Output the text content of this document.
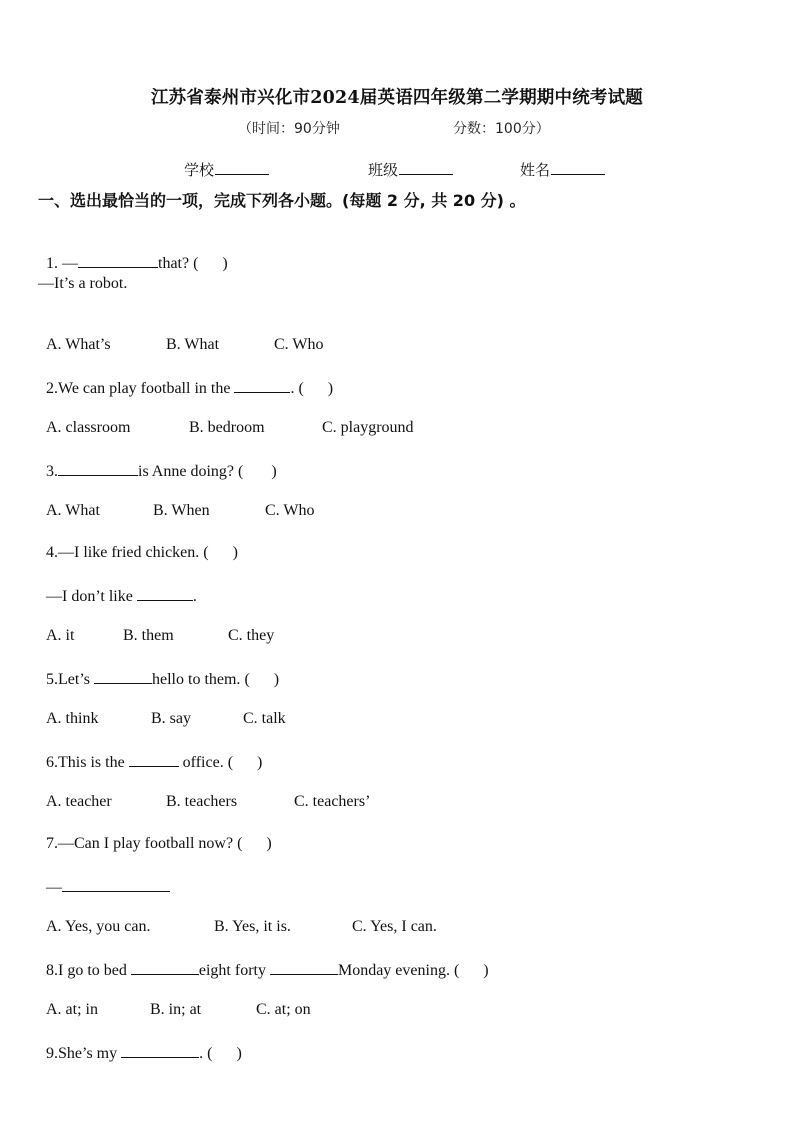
江苏省泰州市兴化市2024届英语四年级第二学期期中统考试题
（时间：90分钟	分数：100分）
学校	班级	姓名
一、选出最恰当的一项，完成下列各小题。(每题 2 分, 共 20 分) 。

1. —	that? (      )

—It’s a robot.

A. What’s	B. What	C. Who

2.We can play football in the	. (      )

A. classroom	B. bedroom	C. playground

3.	is Anne doing? (       )

A. What	B. When	C. Who

4.—I like fried chicken. (      )

—I don’t like	.

A. it	B. them	C. they

5.Let’s	hello to them. (      )

A. think	B. say	C. talk

6.This is the	office. (      )

A. teacher	B. teachers	C. teachers’

7.—Can I play football now? (      )

—

A. Yes, you can.	B. Yes, it is.	C. Yes, I can.

8.I go to bed	eight forty	Monday evening. (      )

A. at; in	B. in; at	C. at; on

9.She’s my	. (      )
